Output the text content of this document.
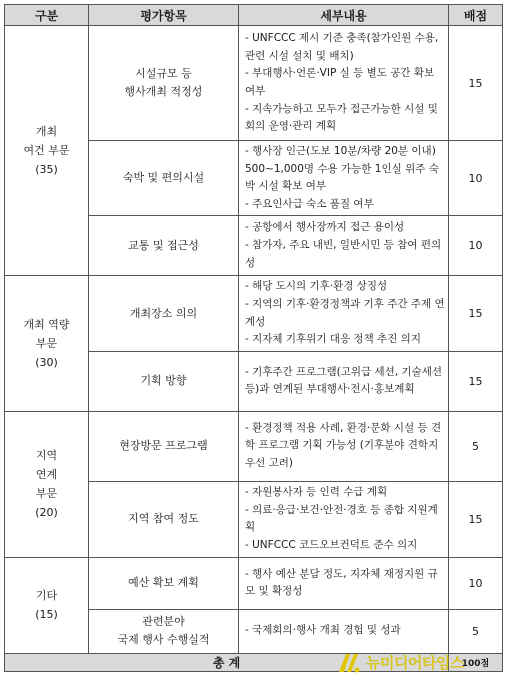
구분	평가항목	세부내용	배점

개최
여건 부문
(35)	시설규모 등
행사개최 적정성	- UNFCCC 제시 기준 충족(참가인원 수용, 관련 시설 설치 및 배치)
- 부대행사·언론·VIP 실 등 별도 공간 확보 여부
- 지속가능하고 모두가 접근가능한 시설 및 회의 운영·관리 계획	15

	숙박 및 편의시설	- 행사장 인근(도보 10분/차량 20분 이내) 500~1,000명 수용 가능한 1인실 위주 숙박 시설 확보 여부
- 주요인사급 숙소 품질 여부	10

	교통 및 접근성	- 공항에서 행사장까지 접근 용이성
- 참가자, 주요 내빈, 일반시민 등 참여 편의성	10

개최 역량
부문
(30)	개최장소 의의	- 해당 도시의 기후·환경 상징성
- 지역의 기후·환경정책과 기후 주간 주제 연계성
- 지자체 기후위기 대응 정책 추진 의지	15

	기획 방향	- 기후주간 프로그램(고위급 세션, 기술세션 등)과 연계된 부대행사·전시·홍보계획	15

지역
연계
부문
(20)	현장방문 프로그램	- 환경정책 적용 사례, 환경·문화 시설 등 견학 프로그램 기획 가능성 (기후분야 견학지 우선 고려)	5

	지역 참여 정도	- 자원봉사자 등 인력 수급 계획
- 의료·응급·보건·안전·경호 등 종합 지원계획
- UNFCCC 코드오브컨덕트 준수 의지	15

기타
(15)	예산 확보 계획	- 행사 예산 분담 정도, 지자체 재정지원 규모 및 확정성	10

	관련분야
국제 행사 수행실적	- 국제회의·행사 개최 경험 및 성과	5
총 계			100점
뉴미디어타임스
